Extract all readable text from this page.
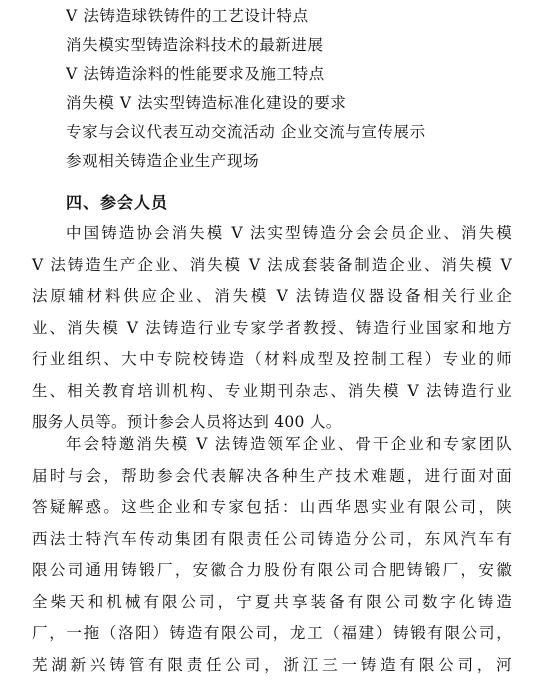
V 法铸造球铁铸件的工艺设计特点
消失模实型铸造涂料技术的最新进展
V 法铸造涂料的性能要求及施工特点
消失模 V 法实型铸造标准化建设的要求
专家与会议代表互动交流活动 企业交流与宣传展示
参观相关铸造企业生产现场
四、参会人员
中国铸造协会消失模 V 法实型铸造分会会员企业、消失模
V 法铸造生产企业、消失模 V 法成套装备制造企业、消失模 V
法原辅材料供应企业、消失模 V 法铸造仪器设备相关行业企
业、消失模 V 法铸造行业专家学者教授、铸造行业国家和地方
行业组织、大中专院校铸造（材料成型及控制工程）专业的师
生、相关教育培训机构、专业期刊杂志、消失模 V 法铸造行业
服务人员等。预计参会人员将达到 400 人。
年会特邀消失模 V 法铸造领军企业、骨干企业和专家团队
届时与会，帮助参会代表解决各种生产技术难题，进行面对面
答疑解惑。这些企业和专家包括：山西华恩实业有限公司，陕
西法士特汽车传动集团有限责任公司铸造分公司，东风汽车有
限公司通用铸锻厂，安徽合力股份有限公司合肥铸锻厂，安徽
全柴天和机械有限公司，宁夏共享装备有限公司数字化铸造
厂，一拖（洛阳）铸造有限公司，龙工（福建）铸锻有限公司，
芜湖新兴铸管有限责任公司，浙江三一铸造有限公司，河
